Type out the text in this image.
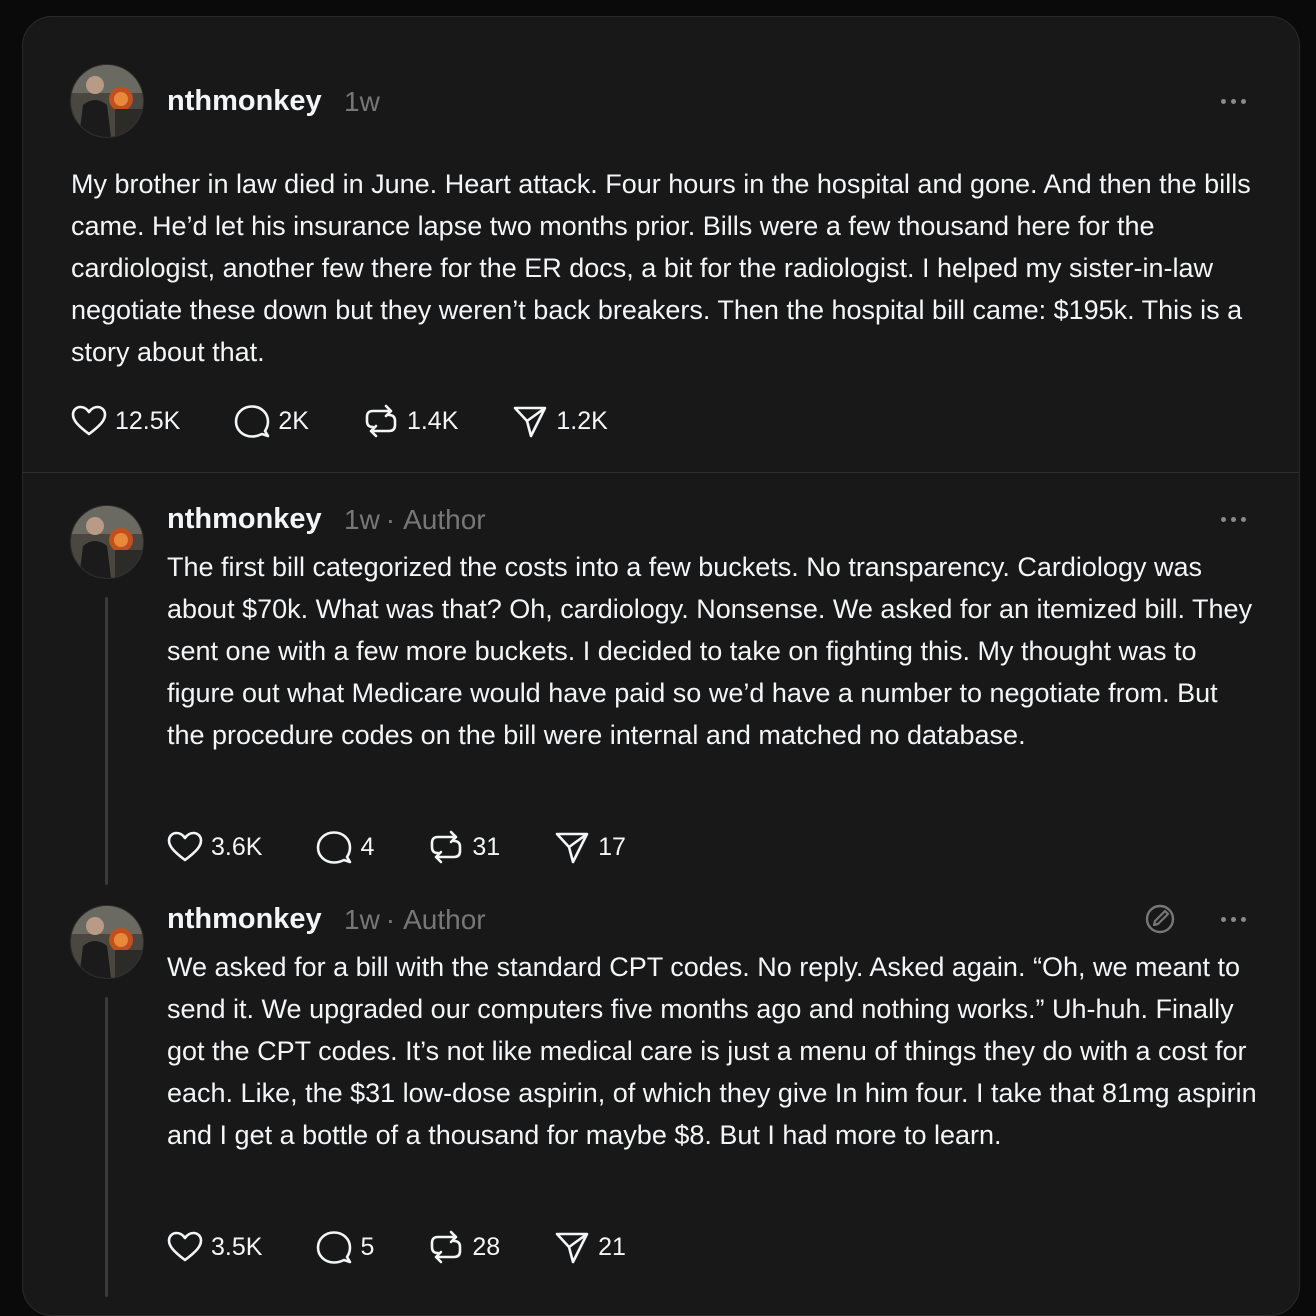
nthmonkey 1w

My brother in law died in June. Heart attack. Four hours in the hospital and gone. And then the bills came. He’d let his insurance lapse two months prior. Bills were a few thousand here for the cardiologist, another few there for the ER docs, a bit for the radiologist. I helped my sister-in-law negotiate these down but they weren’t back breakers. Then the hospital bill came: $195k. This is a story about that.

12.5K	2K	1.4K	1.2K
nthmonkey 1w · Author

The first bill categorized the costs into a few buckets. No transparency. Cardiology was about $70k. What was that? Oh, cardiology. Nonsense. We asked for an itemized bill. They sent one with a few more buckets. I decided to take on fighting this. My thought was to figure out what Medicare would have paid so we’d have a number to negotiate from. But the procedure codes on the bill were internal and matched no database.

3.6K	4	31	17
nthmonkey 1w · Author

We asked for a bill with the standard CPT codes. No reply. Asked again. “Oh, we meant to send it. We upgraded our computers five months ago and nothing works.” Uh-huh. Finally got the CPT codes. It’s not like medical care is just a menu of things they do with a cost for each. Like, the $31 low-dose aspirin, of which they give In him four. I take that 81mg aspirin and I get a bottle of a thousand for maybe $8. But I had more to learn.

3.5K	5	28	21
